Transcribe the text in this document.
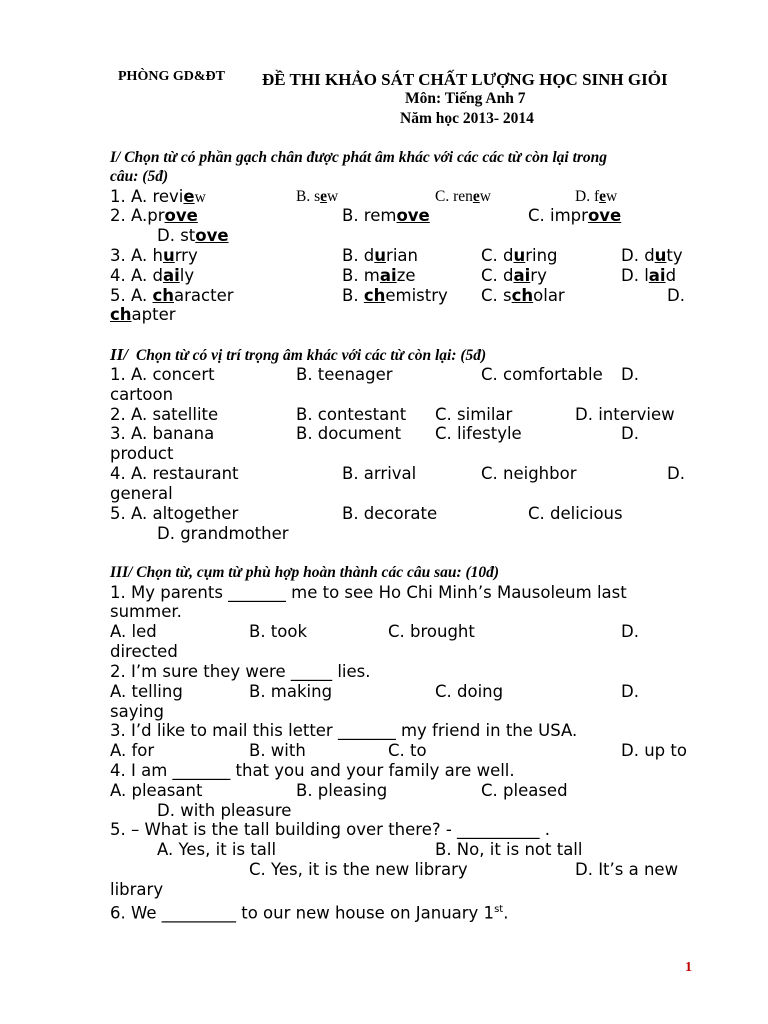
PHÒNG GD&ĐT ĐỀ THI KHẢO SÁT CHẤT LƯỢNG HỌC SINH GIỎI
Môn: Tiếng Anh 7
Năm học 2013- 2014
I/ Chọn từ có phần gạch chân được phát âm khác với các các từ còn lại trong
câu: (5đ)
1. A. review	B. sew	C. renew	D. few
2. A.prove	B. remove	C. improve
D. stove
3. A. hurry	B. durian	C. during	D. duty
4. A. daily	B. maize	C. dairy	D. laid
5. A. character	B. chemistry C. scholar	D.
chapter
II/ Chọn từ có vị trí trọng âm khác với các từ còn lại: (5đ)
1. A. concert	B. teenager	C. comfortable D.
cartoon
2. A. satellite	B. contestant C. similar	D. interview
3. A. banana	B. document C. lifestyle	D.
product
4. A. restaurant	B. arrival	C. neighbor	D.
general
5. A. altogether	B. decorate	C. delicious
D. grandmother
III/ Chọn từ, cụm từ phù hợp hoàn thành các câu sau: (10đ)
1. My parents _______ me to see Ho Chi Minh’s Mausoleum last
summer.
A. led	B. took	C. brought	D.
directed
2. I’m sure they were _____ lies.
A. telling	B. making	C. doing	D.
saying
3. I’d like to mail this letter _______ my friend in the USA.
A. for	B. with	C. to	D. up to
4. I am _______ that you and your family are well.
A. pleasant	B. pleasing	C. pleased
D. with pleasure
5. – What is the tall building over there? - __________ .
A. Yes, it is tall	B. No, it is not tall
C. Yes, it is the new library	D. It’s a new
library
6. We _________ to our new house on January 1st.
1
